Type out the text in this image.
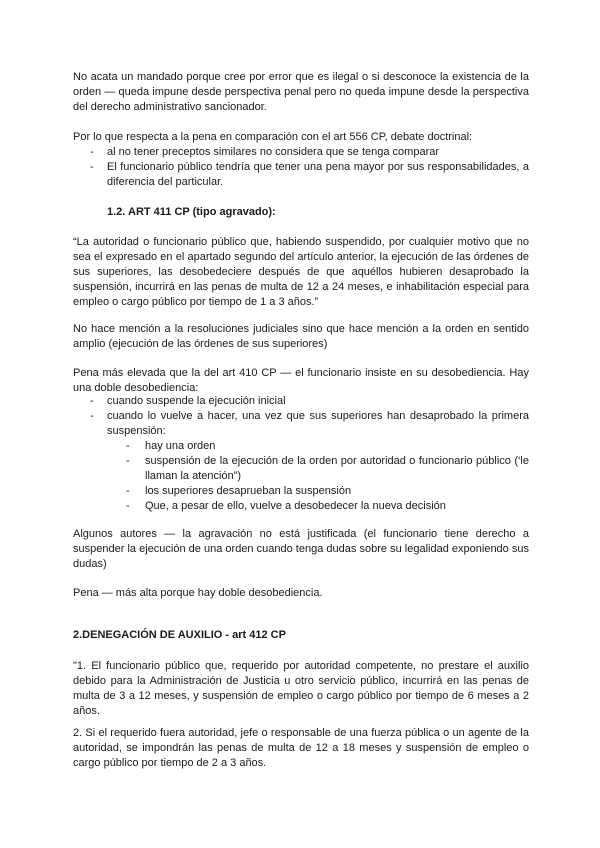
No acata un mandado porque cree por error que es ilegal o si desconoce la existencia de la orden — queda impune desde perspectiva penal pero no queda impune desde la perspectiva del derecho administrativo sancionador.

Por lo que respecta a la pena en comparación con el art 556 CP, debate doctrinal:

- al no tener preceptos similares no considera que se tenga comparar
- El funcionario público tendría que tener una pena mayor por sus responsabilidades, a diferencia del particular.
1.2. ART 411 CP (tipo agravado):

“La autoridad o funcionario público que, habiendo suspendido, por cualquier motivo que no sea el expresado en el apartado segundo del artículo anterior, la ejecución de las órdenes de sus superiores, las desobedeciere después de que aquéllos hubieren desaprobado la suspensión, incurrirá en las penas de multa de 12 a 24 meses, e inhabilitación especial para empleo o cargo público por tiempo de 1 a 3 años.”

No hace mención a la resoluciones judiciales sino que hace mención a la orden en sentido amplio (ejecución de las órdenes de sus superiores)

Pena más elevada que la del art 410 CP — el funcionario insiste en su desobediencia. Hay una doble desobediencia:

- cuando suspende la ejecución inicial
- cuando lo vuelve a hacer, una vez que sus superiores han desaprobado la primera suspensión:
- hay una orden
- suspensión de la ejecución de la orden por autoridad o funcionario público (‘le llaman la atención”)
- los superiores desaprueban la suspensión
- Que, a pesar de ello, vuelve a desobedecer la nueva decisión

Algunos autores — la agravación no está justificada (el funcionario tiene derecho a suspender la ejecución de una orden cuando tenga dudas sobre su legalidad exponiendo sus dudas)

Pena — más alta porque hay doble desobediencia.

2.DENEGACIÓN DE AUXILIO - art 412 CP

"1. El funcionario público que, requerido por autoridad competente, no prestare el auxilio debido para la Administración de Justicia u otro servicio público, incurrirá en las penas de multa de 3 a 12 meses, y suspensión de empleo o cargo público por tiempo de 6 meses a 2 años.

2. Si el requerido fuera autoridad, jefe o responsable de una fuerza pública o un agente de la autoridad, se impondrán las penas de multa de 12 a 18 meses y suspensión de empleo o cargo público por tiempo de 2 a 3 años.
